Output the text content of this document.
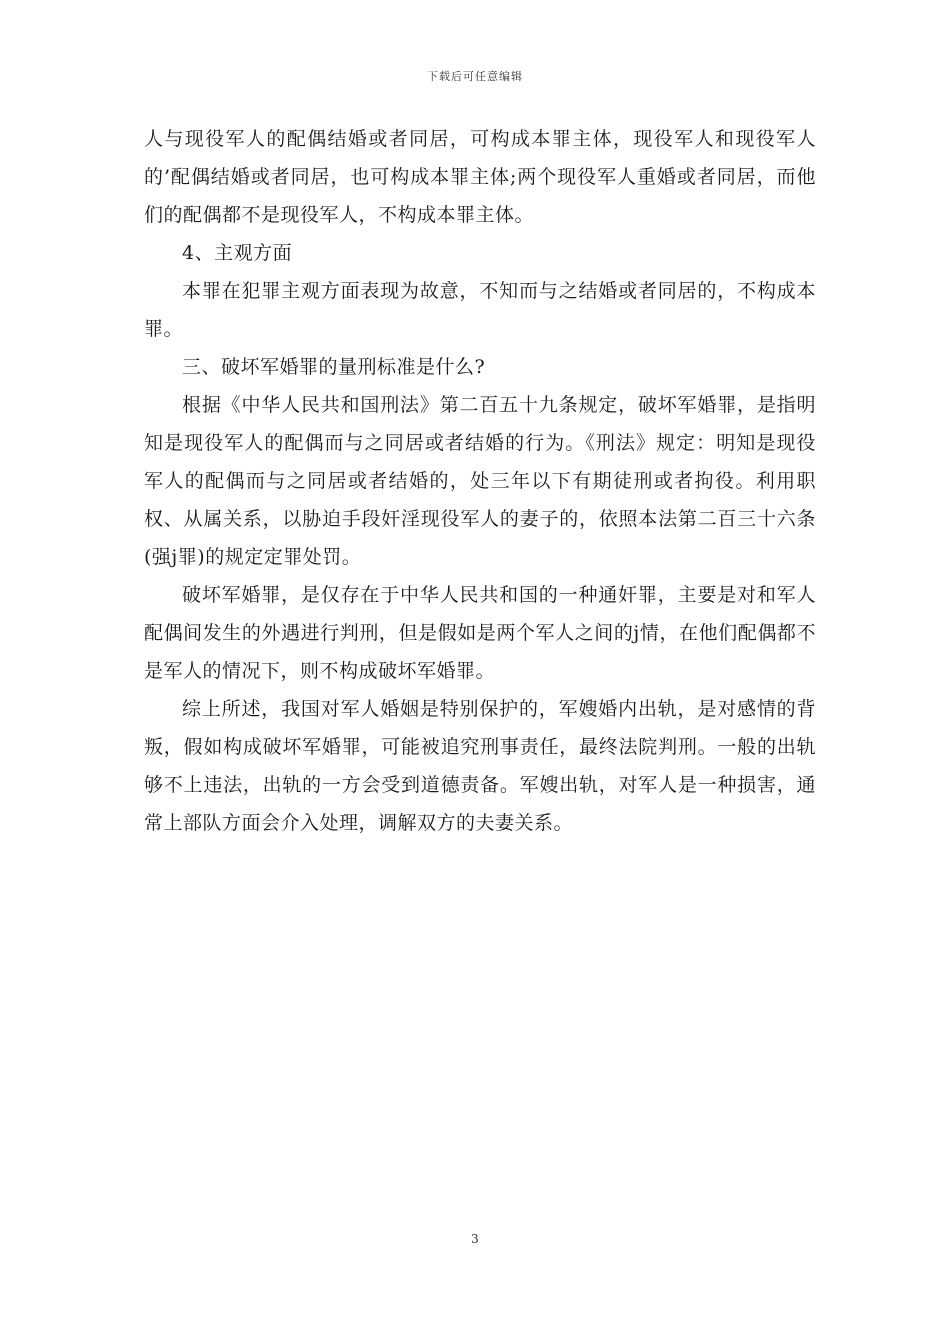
下载后可任意编辑

人与现役军人的配偶结婚或者同居，可构成本罪主体，现役军人和现役军人的’配偶结婚或者同居，也可构成本罪主体;两个现役军人重婚或者同居，而他们的配偶都不是现役军人，不构成本罪主体。

4、主观方面

本罪在犯罪主观方面表现为故意，不知而与之结婚或者同居的，不构成本罪。

三、破坏军婚罪的量刑标准是什么?

根据《中华人民共和国刑法》第二百五十九条规定，破坏军婚罪，是指明知是现役军人的配偶而与之同居或者结婚的行为。《刑法》规定：明知是现役军人的配偶而与之同居或者结婚的，处三年以下有期徒刑或者拘役。利用职权、从属关系，以胁迫手段奸淫现役军人的妻子的，依照本法第二百三十六条(强j罪)的规定定罪处罚。

破坏军婚罪，是仅存在于中华人民共和国的一种通奸罪，主要是对和军人配偶间发生的外遇进行判刑，但是假如是两个军人之间的j情，在他们配偶都不是军人的情况下，则不构成破坏军婚罪。

综上所述，我国对军人婚姻是特别保护的，军嫂婚内出轨，是对感情的背叛，假如构成破坏军婚罪，可能被追究刑事责任，最终法院判刑。一般的出轨够不上违法，出轨的一方会受到道德责备。军嫂出轨，对军人是一种损害，通常上部队方面会介入处理，调解双方的夫妻关系。

3
